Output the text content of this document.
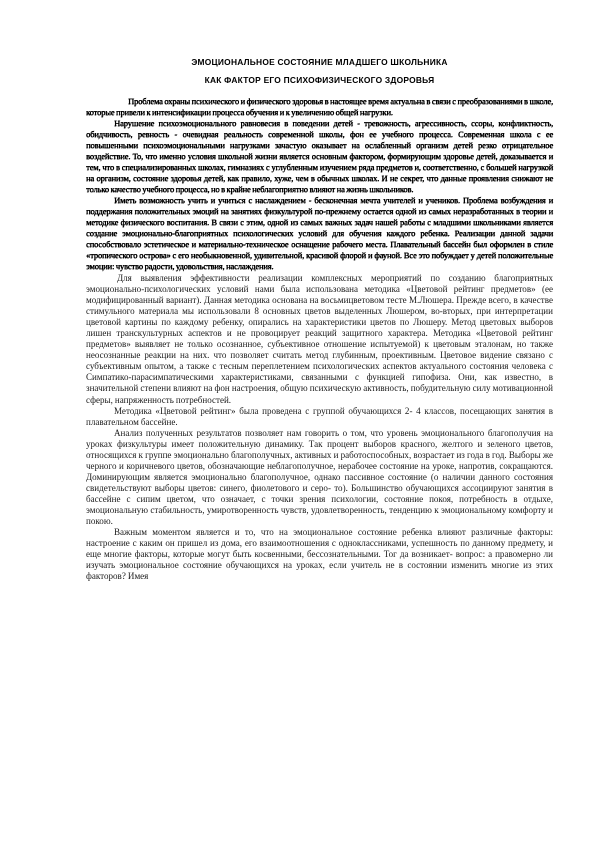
ЭМОЦИОНАЛЬНОЕ СОСТОЯНИЕ МЛАДШЕГО ШКОЛЬНИКА

КАК ФАКТОР ЕГО ПСИХОФИЗИЧЕСКОГО ЗДОРОВЬЯ

Проблема охраны психического и физического здоровья в настоящее время актуальна в связи с преобразованиями в школе, которые привели к интенсификации процесса обучения и к увеличению общей нагрузки.

Нарушение психоэмоционального равновесия в поведении детей - тревожность, агрессивность, ссоры, конфликтность, обидчивость, ревность - очевидная реальность современной школы, фон ее учебного процесса. Современная школа с ее повышенными психоэмоциональными нагрузками зачастую оказывает на ослабленный организм детей резко отрицательное воздействие. То, что именно условия школьной жизни является основным фактором, формирующим здоровье детей, доказывается и тем, что в специализированных школах, гимназиях с углубленным изучением ряда предметов и, соответственно, с большей нагрузкой на организм, состояние здоровья детей, как правило, хуже, чем в обычных школах. И не секрет, что данные проявления снижают не только качество учебного процесса, но в крайне неблагоприятно влияют на жизнь школьников.

Иметь возможность учить и учиться с наслаждением - бесконечная мечта учителей и учеников. Проблема возбуждения и поддержания положительных эмоций на занятиях физкультурой по-прежнему остается одной из самых неразработанных в теории и методике физического воспитания. В связи с этим, одной из самых важных задач нашей работы с младшими школьниками является создание эмоционально-благоприятных психологических условий для обучения каждого ребенка. Реализации данной задачи способствовало эстетическое и материально-техническое оснащение рабочего места. Плавательный бассейн был оформлен в стиле «тропического острова» с его необыкновенной, удивительной, красивой флорой и фауной. Все это побуждает у детей положительные эмоции: чувство радости, удовольствия, наслаждения.

Для выявления эффективности реализации комплексных мероприятий по созданию благоприятных эмоционально-психологических условий нами была использована методика «Цветовой рейтинг предметов» (ее модифицированный вариант). Данная методика основана на восьмицветовом тесте М.Люшера. Прежде всего, в качестве стимульного материала мы использовали 8 основных цветов выделенных Люшером, во-вторых, при интерпретации цветовой картины по каждому ребенку, опирались на характеристики цветов по Люшеру. Метод цветовых выборов лишен транскультурных аспектов и не провоцирует реакций защитного характера. Методика «Цветовой рейтинг предметов» выявляет не только осознанное, субъективное отношение испытуемой) к цветовым эталонам, но также неосознанные реакции на них. что позволяет считать метод глубинным, проективным. Цветовое видение связано с субъективным опытом, а также с тесным переплетением психологических аспектов актуального состояния человека с Симпатико-парасимпатическими характеристиками, связанными с функцией гипофиза. Они, как известно, в значительной степени влияют на фон настроения, общую психическую активность, побудительную силу мотивационной сферы, напряженность потребностей.

Методика «Цветовой рейтинг» была проведена с группой обучающихся 2- 4 классов, посещающих занятия в плавательном бассейне.

Анализ полученных результатов позволяет нам говорить о том, что уровень эмоционального благополучия на уроках физкультуры имеет положительную динамику. Так процент выборов красного, желтого и зеленого цветов, относящихся к группе эмоционально благополучных, активных и работоспособных, возрастает из года в год. Выборы же черного и коричневого цветов, обозначающие неблагополучное, нерабочее состояние на уроке, напротив, сокращаются. Доминирующим является эмоционально благополучное, однако пассивное состояние (о наличии данного состояния свидетельствуют выборы цветов: синего, фиолетового и серо- то). Большинство обучающихся ассоциируют занятия в бассейне с сипим цветом, что означает, с точки зрения психологии, состояние покоя, потребность в отдыхе, эмоциональную стабильность, умиротворенность чувств, удовлетворенность, тенденцию к эмоциональному комфорту и покою.

Важным моментом является и то, что на эмоциональное состояние ребенка влияют различные факторы: настроение с каким он пришел из дома, его взаимоотношения с одноклассниками, успешность по данному предмету, и еще многие факторы, которые могут быть косвенными, бессознательными. Тог да возникает- вопрос: а правомерно ли изучать эмоциональное состояние обучающихся на уроках, если учитель не в состоянии изменить многие из этих факторов? Имея
